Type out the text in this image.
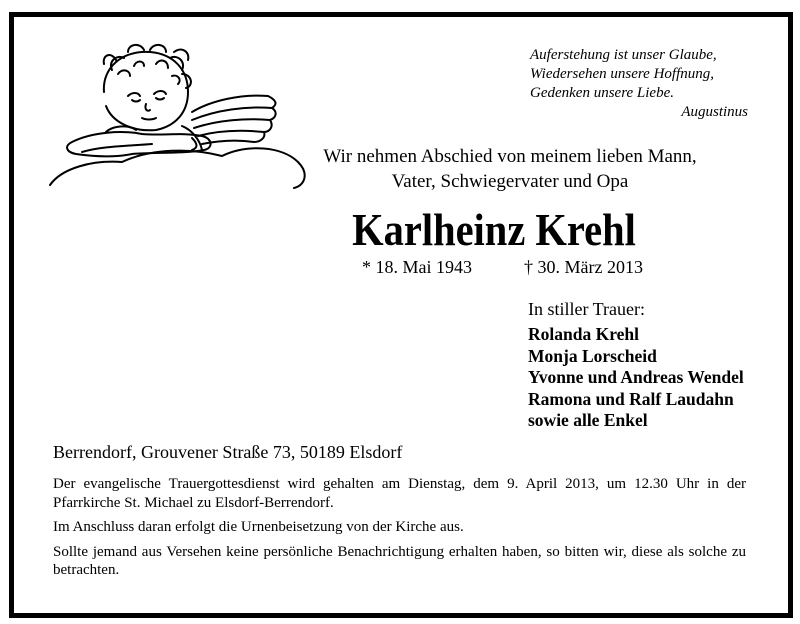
Auferstehung ist unser Glaube,
Wiedersehen unsere Hoffnung,
Gedenken unsere Liebe.
Augustinus
Wir nehmen Abschied von meinem lieben Mann,
Vater, Schwiegervater und Opa
Karlheinz Krehl
* 18. Mai 1943	† 30. März 2013
In stiller Trauer:
Rolanda Krehl
Monja Lorscheid
Yvonne und Andreas Wendel
Ramona und Ralf Laudahn
sowie alle Enkel
Berrendorf, Grouvener Straße 73, 50189 Elsdorf

Der evangelische Trauergottesdienst wird gehalten am Dienstag, dem 9. April 2013, um 12.30 Uhr in der Pfarrkirche St. Michael zu Elsdorf-Berrendorf.

Im Anschluss daran erfolgt die Urnenbeisetzung von der Kirche aus.

Sollte jemand aus Versehen keine persönliche Benachrichtigung erhalten haben, so bitten wir, diese als solche zu betrachten.
